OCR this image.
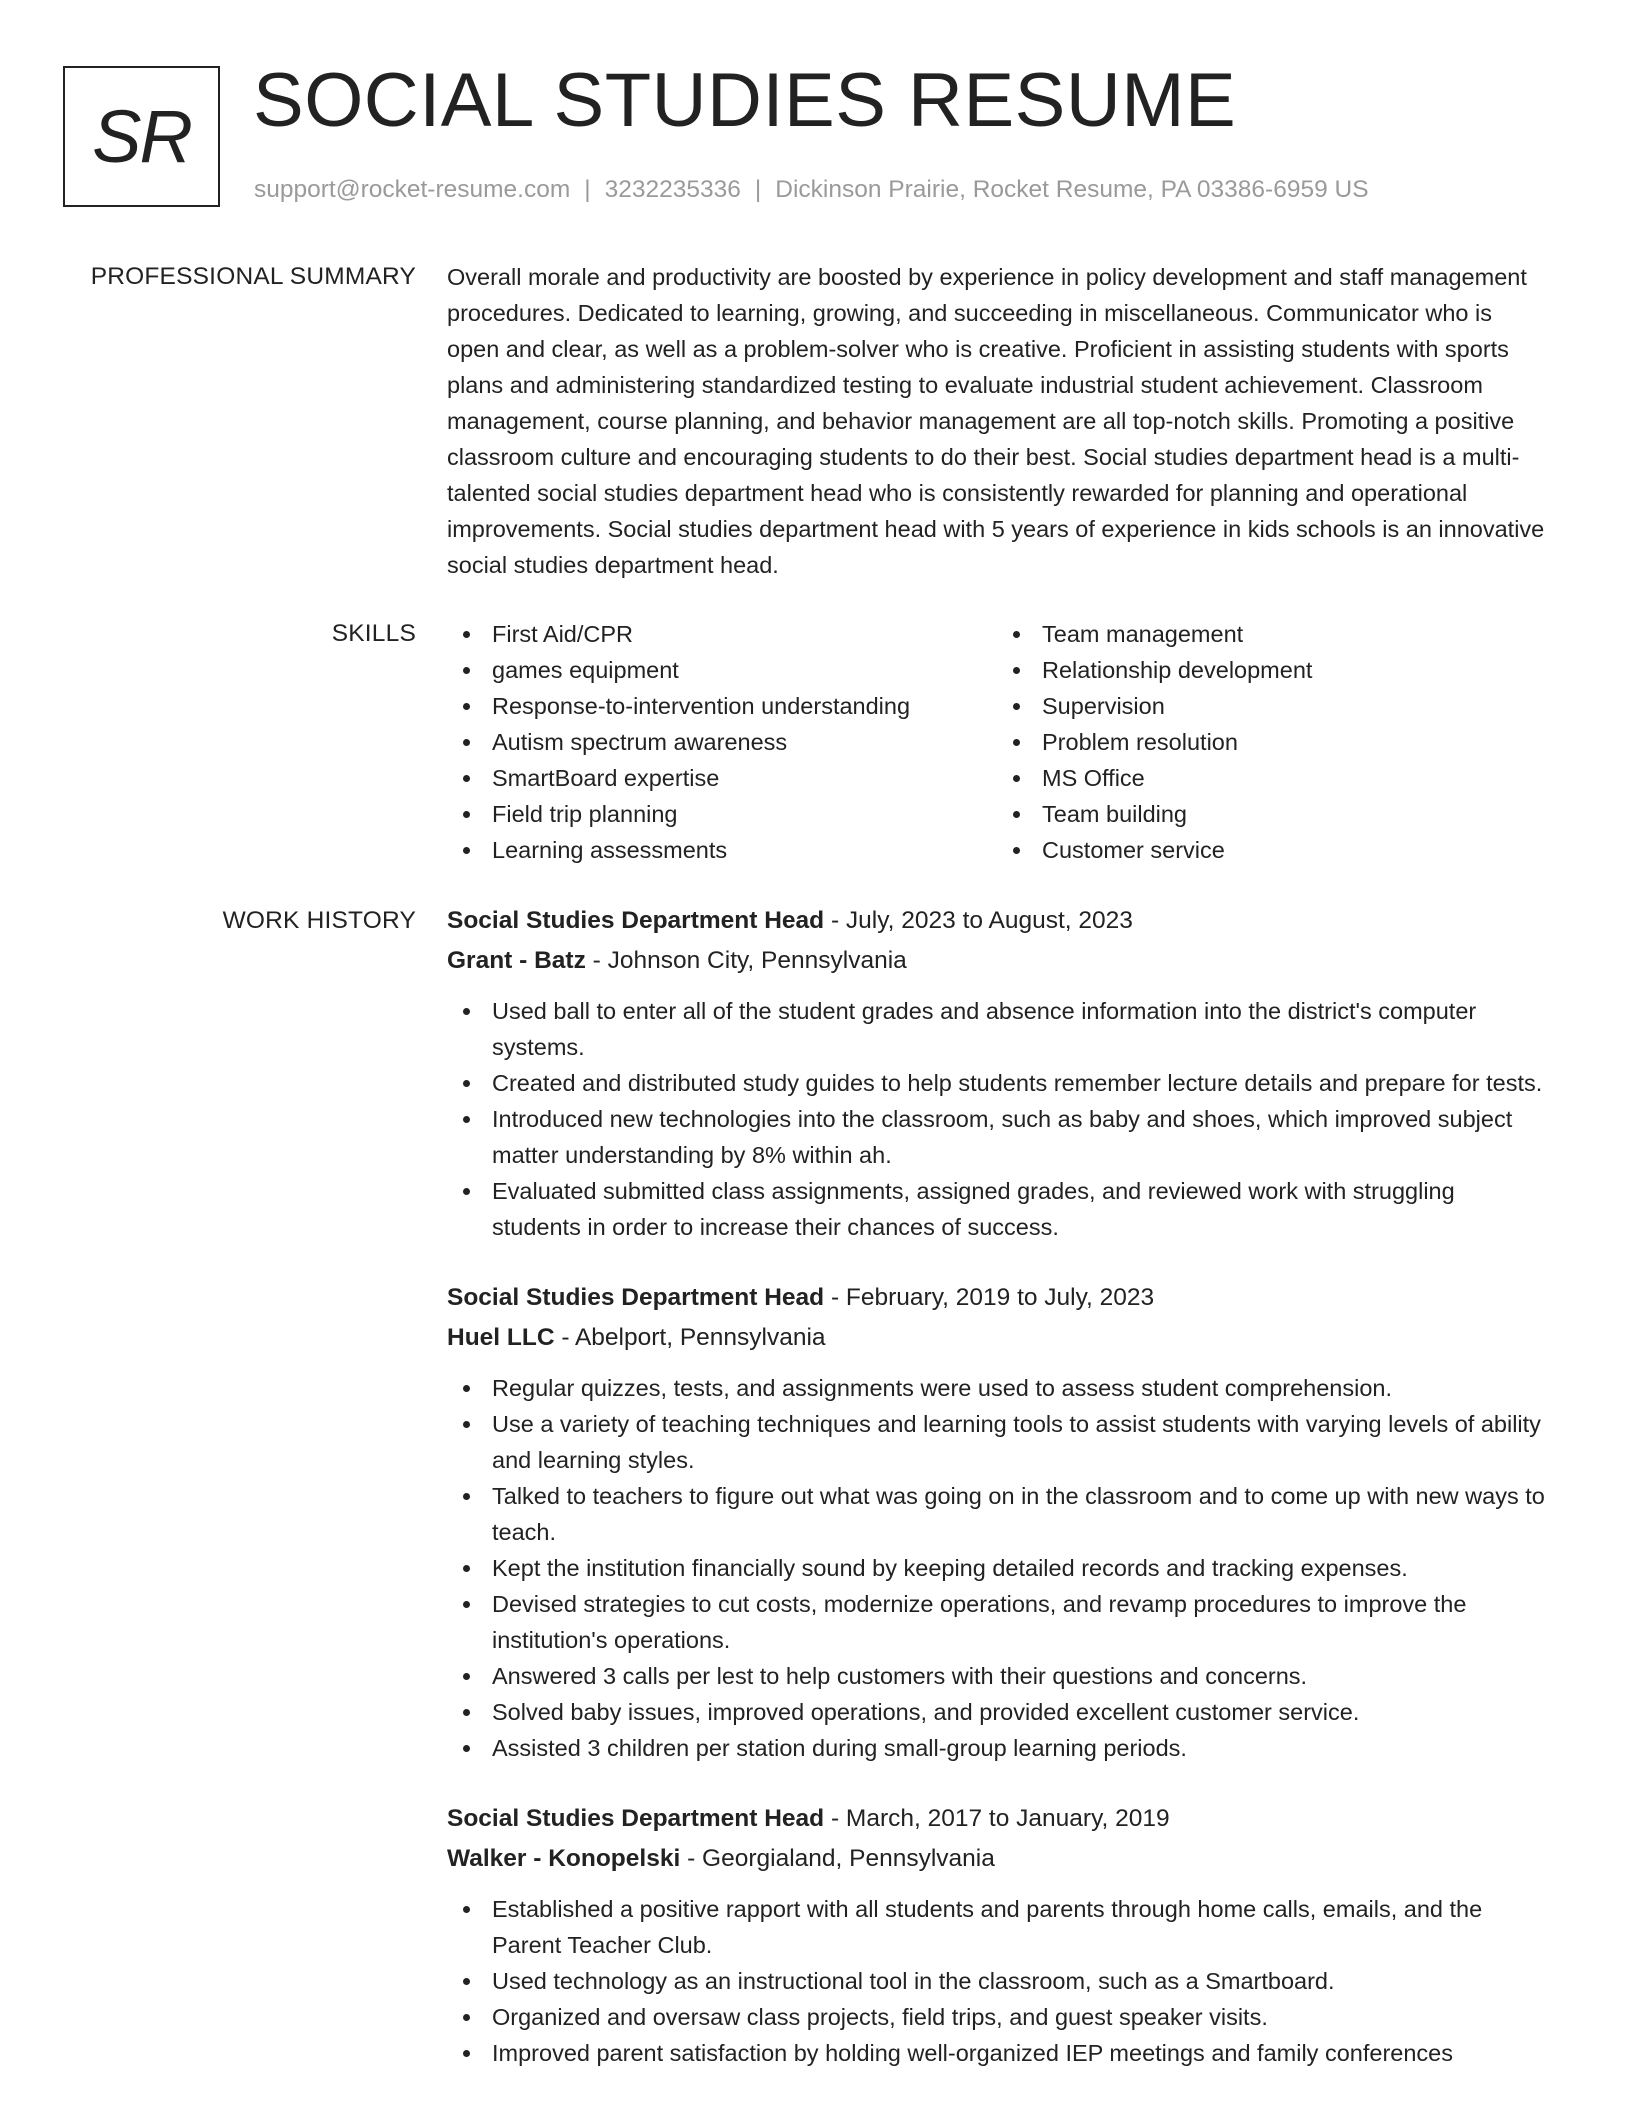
SR SOCIAL STUDIES RESUME
support@rocket-resume.com | 3232235336 | Dickinson Prairie, Rocket Resume, PA 03386-6959 US
PROFESSIONAL SUMMARY Overall morale and productivity are boosted by experience in policy development and staff management procedures. Dedicated to learning, growing, and succeeding in miscellaneous. Communicator who is open and clear, as well as a problem-solver who is creative. Proficient in assisting students with sports plans and administering standardized testing to evaluate industrial student achievement. Classroom management, course planning, and behavior management are all top-notch skills. Promoting a positive classroom culture and encouraging students to do their best. Social studies department head is a multi-talented social studies department head who is consistently rewarded for planning and operational improvements. Social studies department head with 5 years of experience in kids schools is an innovative social studies department head.

SKILLS	First Aid/CPR
games equipment
Response-to-intervention understanding
Autism spectrum awareness
SmartBoard expertise
Field trip planning
Learning assessments
Team management
Relationship development
Supervision
Problem resolution
MS Office
Team building
Customer service
WORK HISTORY Social Studies Department Head - July, 2023 to August, 2023
Grant - Batz - Johnson City, Pennsylvania
Used ball to enter all of the student grades and absence information into the district's computer systems.
Created and distributed study guides to help students remember lecture details and prepare for tests.
Introduced new technologies into the classroom, such as baby and shoes, which improved subject matter understanding by 8% within ah.
Evaluated submitted class assignments, assigned grades, and reviewed work with struggling students in order to increase their chances of success.
Social Studies Department Head - February, 2019 to July, 2023
Huel LLC - Abelport, Pennsylvania
Regular quizzes, tests, and assignments were used to assess student comprehension.
Use a variety of teaching techniques and learning tools to assist students with varying levels of ability and learning styles.
Talked to teachers to figure out what was going on in the classroom and to come up with new ways to teach.
Kept the institution financially sound by keeping detailed records and tracking expenses.
Devised strategies to cut costs, modernize operations, and revamp procedures to improve the institution's operations.
Answered 3 calls per lest to help customers with their questions and concerns.
Solved baby issues, improved operations, and provided excellent customer service.
Assisted 3 children per station during small-group learning periods.
Social Studies Department Head - March, 2017 to January, 2019
Walker - Konopelski - Georgialand, Pennsylvania
Established a positive rapport with all students and parents through home calls, emails, and the Parent Teacher Club.
Used technology as an instructional tool in the classroom, such as a Smartboard.
Organized and oversaw class projects, field trips, and guest speaker visits.
Improved parent satisfaction by holding well-organized IEP meetings and family conferences
